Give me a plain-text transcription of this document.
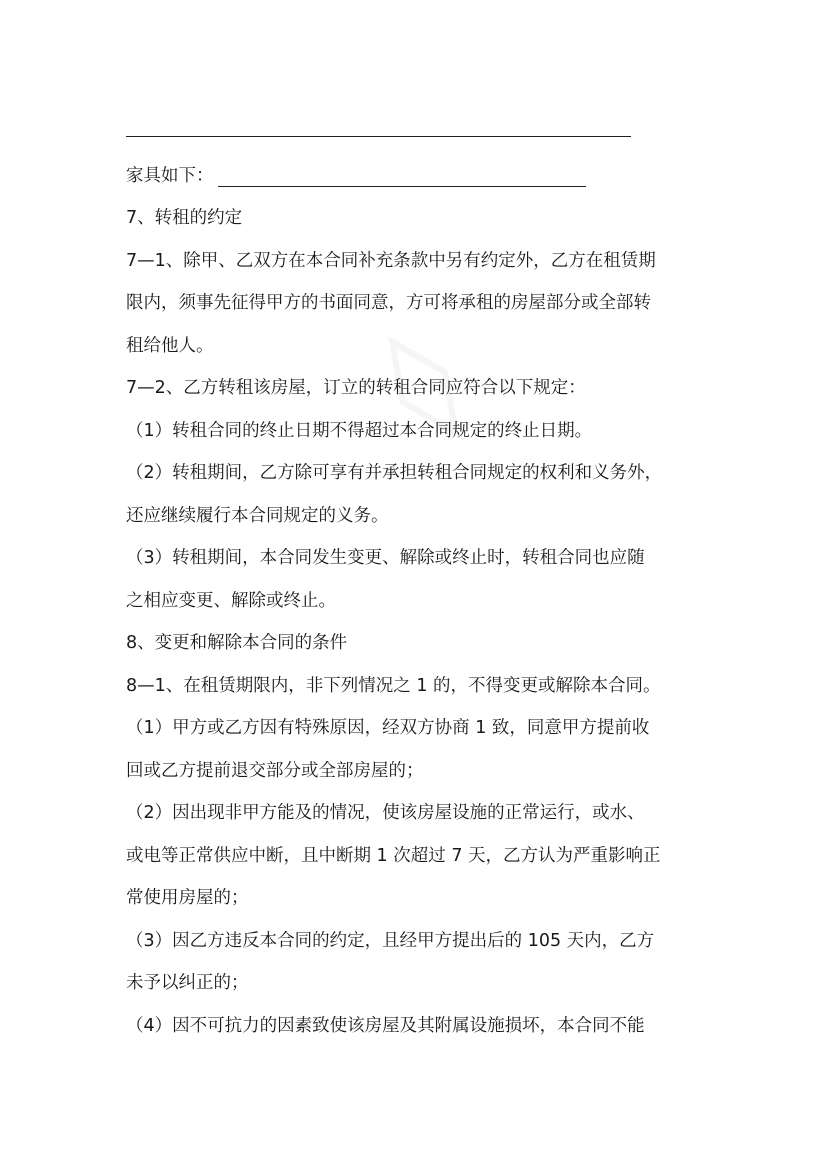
◊
家具如下：
7、转租的约定
7—1、除甲、乙双方在本合同补充条款中另有约定外，乙方在租赁期
限内，须事先征得甲方的书面同意，方可将承租的房屋部分或全部转
租给他人。
7—2、乙方转租该房屋，订立的转租合同应符合以下规定：
（1）转租合同的终止日期不得超过本合同规定的终止日期。
（2）转租期间，乙方除可享有并承担转租合同规定的权利和义务外，
还应继续履行本合同规定的义务。
（3）转租期间，本合同发生变更、解除或终止时，转租合同也应随
之相应变更、解除或终止。
8、变更和解除本合同的条件
8—1、在租赁期限内，非下列情况之 1 的，不得变更或解除本合同。
（1）甲方或乙方因有特殊原因，经双方协商 1 致，同意甲方提前收
回或乙方提前退交部分或全部房屋的；
（2）因出现非甲方能及的情况，使该房屋设施的正常运行，或水、
或电等正常供应中断，且中断期 1 次超过 7 天，乙方认为严重影响正
常使用房屋的；
（3）因乙方违反本合同的约定，且经甲方提出后的 105 天内，乙方
未予以纠正的；
（4）因不可抗力的因素致使该房屋及其附属设施损坏，本合同不能
